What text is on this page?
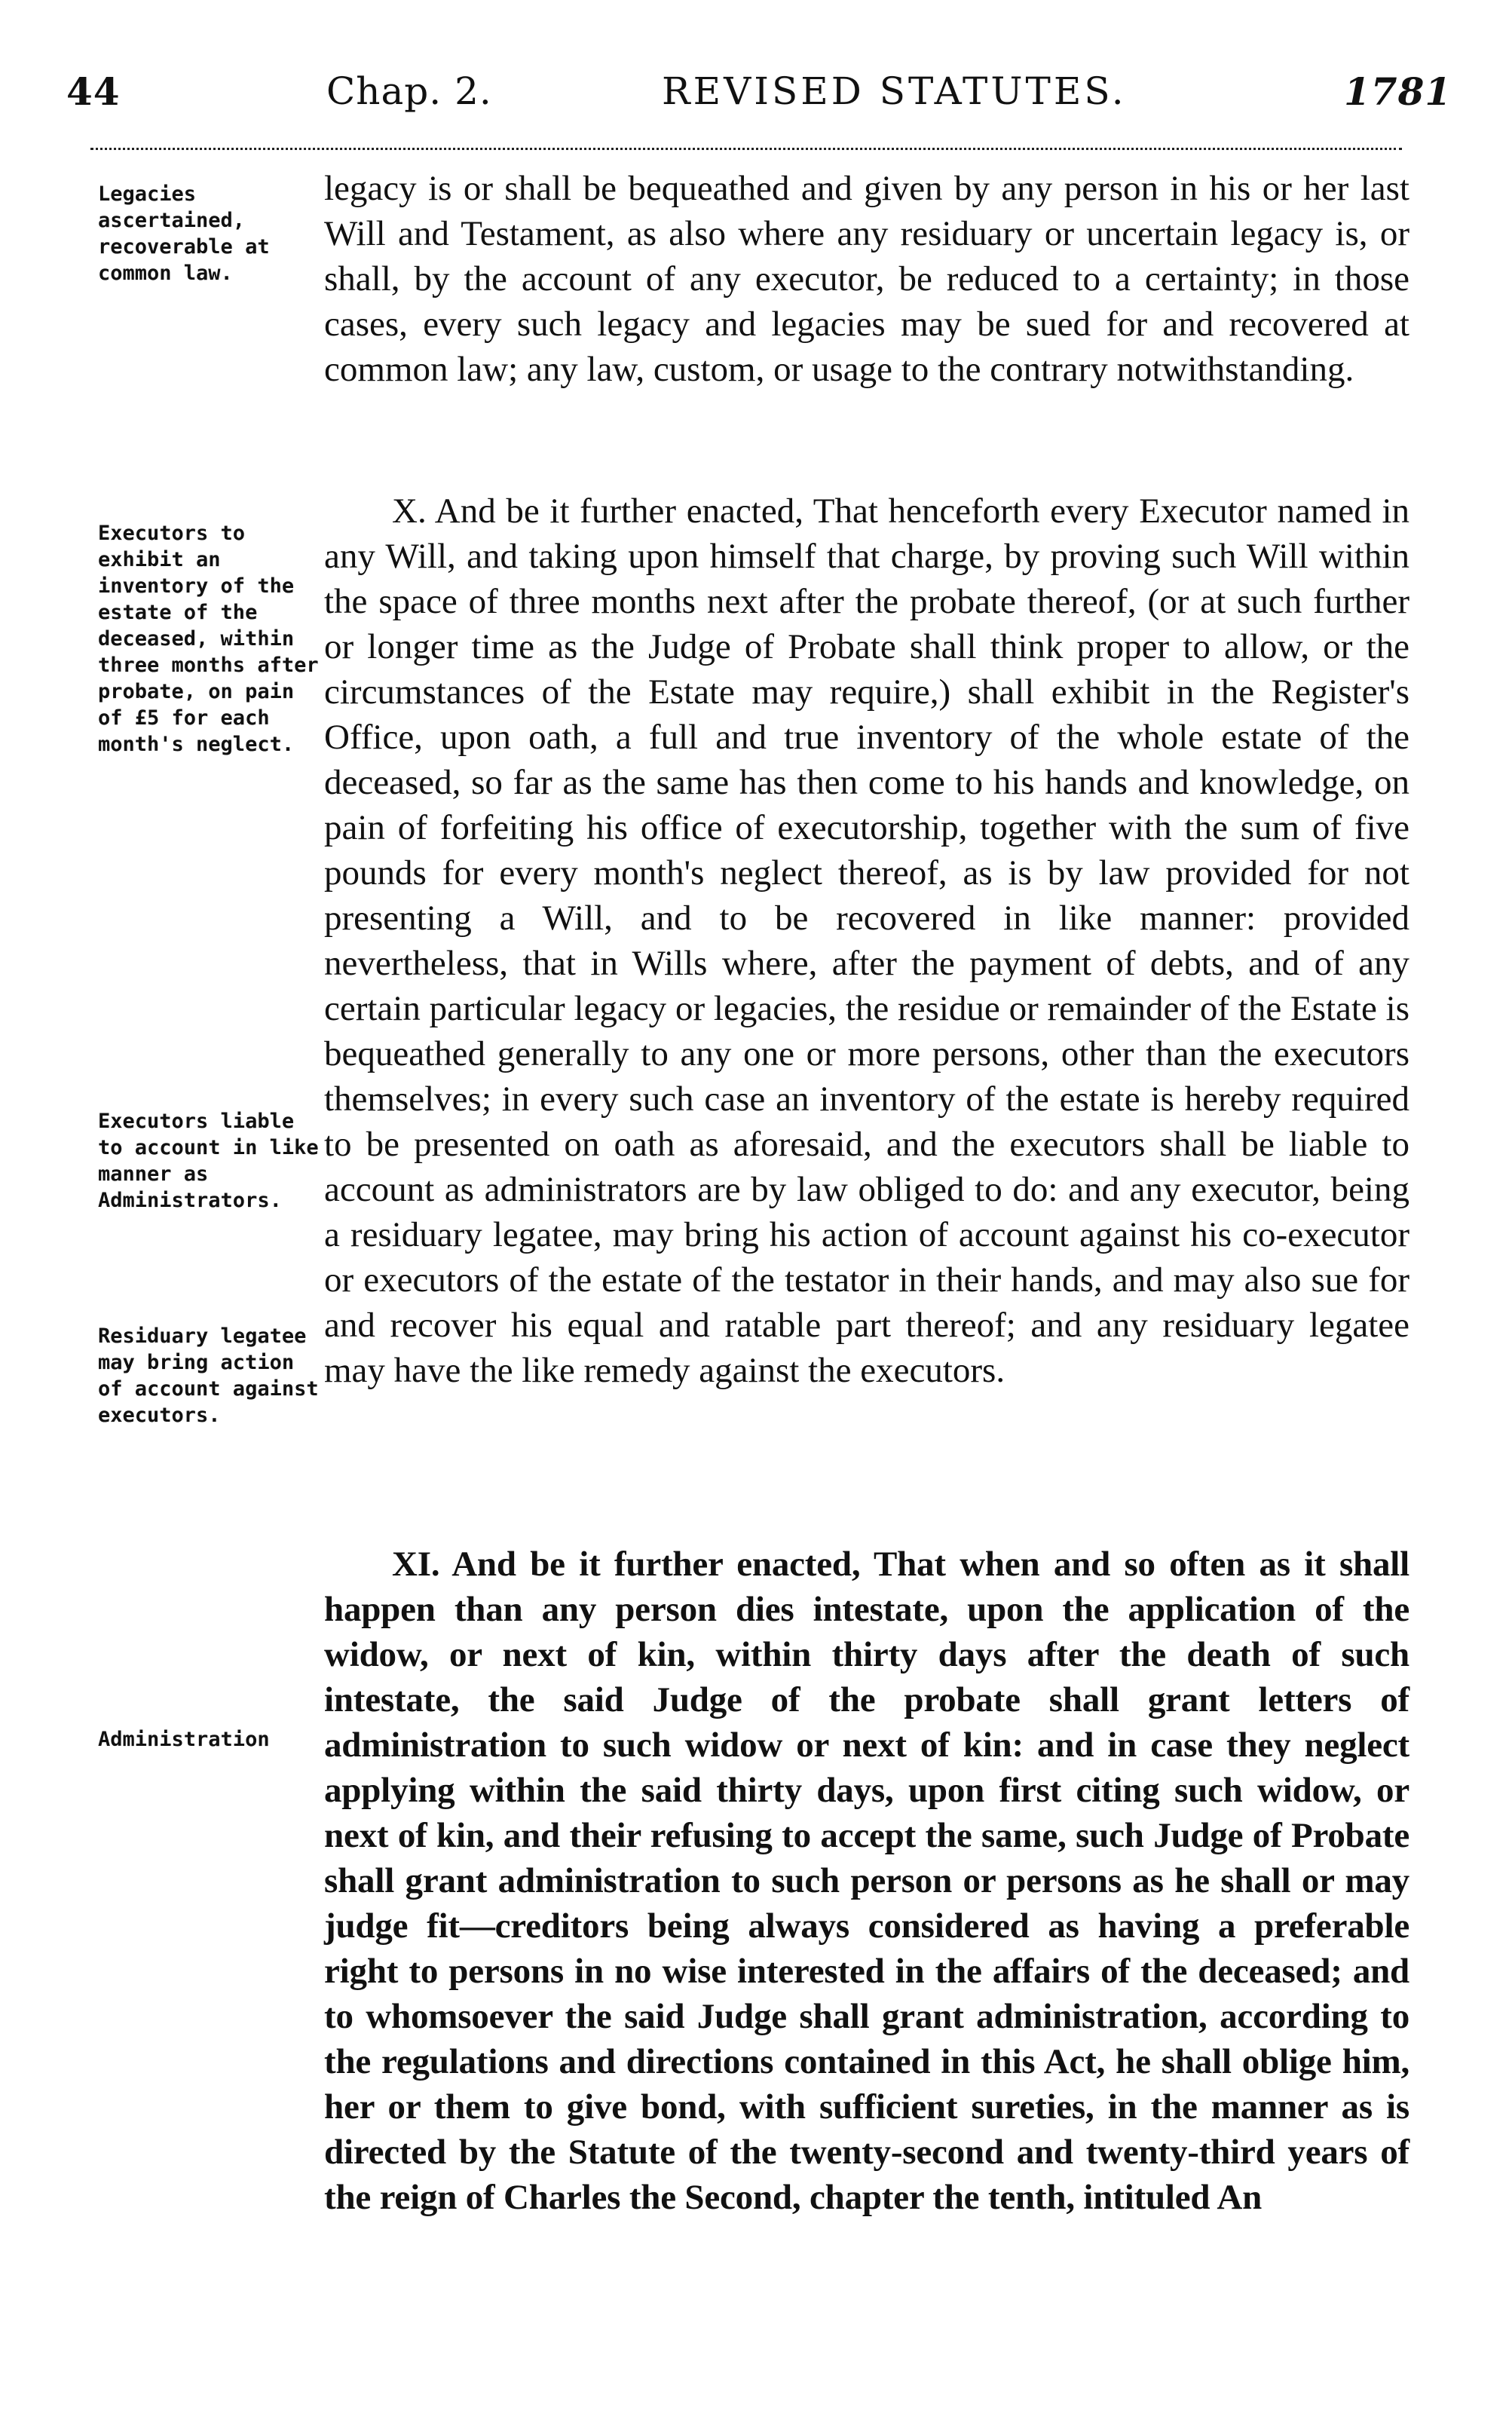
44	Chap. 2.	REVISED STATUTES.	1781
Legacies ascertained, recoverable at common law.
Executors to exhibit an inventory of the estate of the deceased, within three months after probate, on pain of £5 for each month's neglect.
Executors liable to account in like manner as Administrators.
Residuary legatee may bring action of account against executors.
Administration
legacy is or shall be bequeathed and given by any person in his or her last Will and Testament, as also where any residuary or uncertain legacy is, or shall, by the account of any executor, be reduced to a certainty; in those cases, every such legacy and legacies may be sued for and recovered at common law; any law, custom, or usage to the contrary notwithstanding.
X. And be it further enacted, That henceforth every Executor named in any Will, and taking upon himself that charge, by proving such Will within the space of three months next after the probate thereof, (or at such further or longer time as the Judge of Probate shall think proper to allow, or the circumstances of the Estate may require,) shall exhibit in the Register's Office, upon oath, a full and true inventory of the whole estate of the deceased, so far as the same has then come to his hands and knowledge, on pain of forfeiting his office of executorship, together with the sum of five pounds for every month's neglect thereof, as is by law provided for not presenting a Will, and to be recovered in like manner: provided nevertheless, that in Wills where, after the payment of debts, and of any certain particular legacy or legacies, the residue or remainder of the Estate is bequeathed generally to any one or more persons, other than the executors themselves; in every such case an inventory of the estate is hereby required to be presented on oath as aforesaid, and the executors shall be liable to account as administrators are by law obliged to do: and any executor, being a residuary legatee, may bring his action of account against his co-executor or executors of the estate of the testator in their hands, and may also sue for and recover his equal and ratable part thereof; and any residuary legatee may have the like remedy against the executors.
XI. And be it further enacted, That when and so often as it shall happen than any person dies intestate, upon the application of the widow, or next of kin, within thirty days after the death of such intestate, the said Judge of the probate shall grant letters of administration to such widow or next of kin: and in case they neglect applying within the said thirty days, upon first citing such widow, or next of kin, and their refusing to accept the same, such Judge of Probate shall grant administration to such person or persons as he shall or may judge fit—creditors being always considered as having a preferable right to persons in no wise interested in the affairs of the deceased; and to whomsoever the said Judge shall grant administration, according to the regulations and directions contained in this Act, he shall oblige him, her or them to give bond, with sufficient sureties, in the manner as is directed by the Statute of the twenty-second and twenty-third years of the reign of Charles the Second, chapter the tenth, intituled An
